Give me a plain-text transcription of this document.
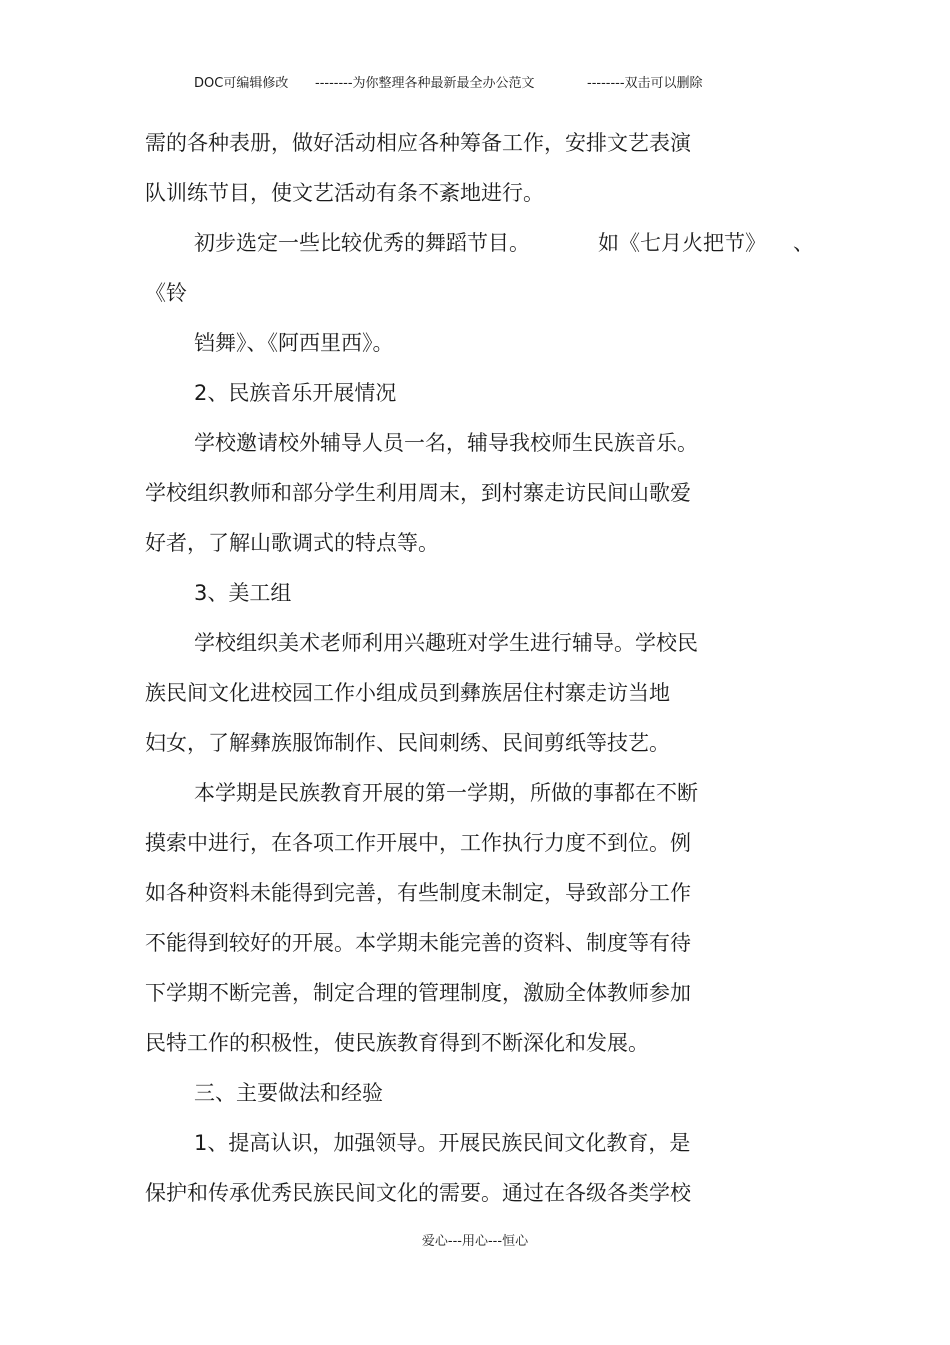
DOC可编辑修改

--------为你整理各种最新最全办公范文

	--------双击可以删除

需的各种表册，做好活动相应各种筹备工作，安排文艺表演
队训练节目，使文艺活动有条不紊地进行。
初步选定一些比较优秀的舞蹈节目。	如《七月火把节》 、
《铃
铛舞》、《阿西里西》。
2、民族音乐开展情况
学校邀请校外辅导人员一名，辅导我校师生民族音乐。
学校组织教师和部分学生利用周末，到村寨走访民间山歌爱
好者，了解山歌调式的特点等。
3、美工组
学校组织美术老师利用兴趣班对学生进行辅导。学校民
族民间文化进校园工作小组成员到彝族居住村寨走访当地
妇女，了解彝族服饰制作、民间刺绣、民间剪纸等技艺。
本学期是民族教育开展的第一学期，所做的事都在不断
摸索中进行，在各项工作开展中，工作执行力度不到位。例
如各种资料未能得到完善，有些制度未制定，导致部分工作
不能得到较好的开展。本学期未能完善的资料、制度等有待
下学期不断完善，制定合理的管理制度，激励全体教师参加
民特工作的积极性，使民族教育得到不断深化和发展。
三、主要做法和经验
1、提高认识，加强领导。开展民族民间文化教育，是
保护和传承优秀民族民间文化的需要。通过在各级各类学校
爱心---用心---恒心
